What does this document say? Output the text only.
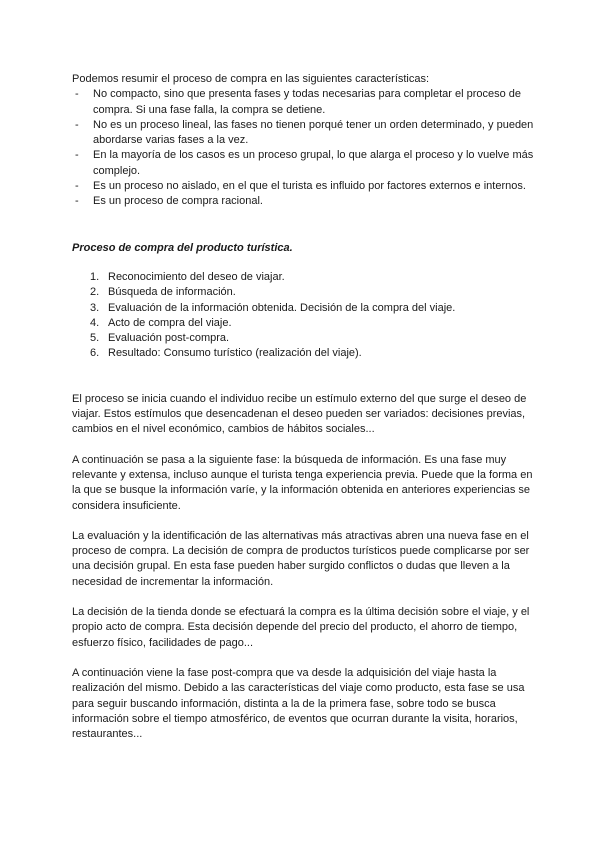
Podemos resumir el proceso de compra en las siguientes características:

- No compacto, sino que presenta fases y todas necesarias para completar el proceso de compra. Si una fase falla, la compra se detiene.
- No es un proceso lineal, las fases no tienen porqué tener un orden determinado, y pueden abordarse varias fases a la vez.
- En la mayoría de los casos es un proceso grupal, lo que alarga el proceso y lo vuelve más complejo.
- Es un proceso no aislado, en el que el turista es influido por factores externos e internos.
- Es un proceso de compra racional.

Proceso de compra del producto turística.

1. Reconocimiento del deseo de viajar.
2. Búsqueda de información.
3. Evaluación de la información obtenida. Decisión de la compra del viaje.
4. Acto de compra del viaje.
5. Evaluación post-compra.
6. Resultado: Consumo turístico (realización del viaje).

El proceso se inicia cuando el individuo recibe un estímulo externo del que surge el deseo de viajar. Estos estímulos que desencadenan el deseo pueden ser variados: decisiones previas, cambios en el nivel económico, cambios de hábitos sociales...

A continuación se pasa a la siguiente fase: la búsqueda de información. Es una fase muy relevante y extensa, incluso aunque el turista tenga experiencia previa. Puede que la forma en la que se busque la información varíe, y la información obtenida en anteriores experiencias se considera insuficiente.

La evaluación y la identificación de las alternativas más atractivas abren una nueva fase en el proceso de compra. La decisión de compra de productos turísticos puede complicarse por ser una decisión grupal. En esta fase pueden haber surgido conflictos o dudas que lleven a la necesidad de incrementar la información.

La decisión de la tienda donde se efectuará la compra es la última decisión sobre el viaje, y el propio acto de compra. Esta decisión depende del precio del producto, el ahorro de tiempo, esfuerzo físico, facilidades de pago...

A continuación viene la fase post-compra que va desde la adquisición del viaje hasta la realización del mismo. Debido a las características del viaje como producto, esta fase se usa para seguir buscando información, distinta a la de la primera fase, sobre todo se busca información sobre el tiempo atmosférico, de eventos que ocurran durante la visita, horarios, restaurantes...
